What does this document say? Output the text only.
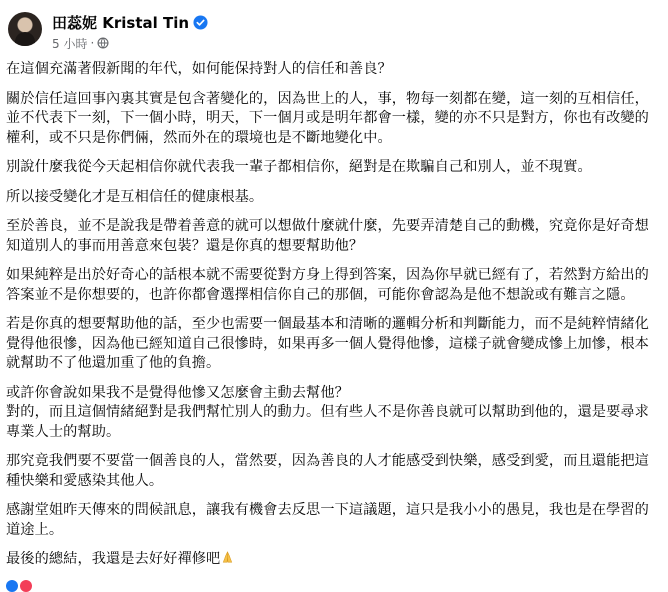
田蕊妮 Kristal Tin
5 小時 ·

在這個充滿著假新聞的年代，如何能保持對人的信任和善良？

關於信任這回事內裏其實是包含著變化的，因為世上的人，事，物每一刻都在變，這一刻的互相信任，並不代表下一刻，下一個小時，明天，下一個月或是明年都會一樣，變的亦不只是對方，你也有改變的權利，或不只是你們倆，然而外在的環境也是不斷地變化中。

別說什麼我從今天起相信你就代表我一輩子都相信你，絕對是在欺騙自己和別人，並不現實。

所以接受變化才是互相信任的健康根基。

至於善良，並不是說我是帶着善意的就可以想做什麼就什麼，先要弄清楚自己的動機，究竟你是好奇想知道別人的事而用善意來包裝？還是你真的想要幫助他？

如果純粹是出於好奇心的話根本就不需要從對方身上得到答案，因為你早就已經有了，若然對方給出的答案並不是你想要的，也許你都會選擇相信你自己的那個，可能你會認為是他不想說或有難言之隱。

若是你真的想要幫助他的話，至少也需要一個最基本和清晰的邏輯分析和判斷能力，而不是純粹情緒化覺得他很慘，因為他已經知道自己很慘時，如果再多一個人覺得他慘，這樣子就會變成慘上加慘，根本就幫助不了他還加重了他的負擔。

或許你會說如果我不是覺得他慘又怎麼會主動去幫他？

對的，而且這個情緒絕對是我們幫忙別人的動力。但有些人不是你善良就可以幫助到他的，還是要尋求專業人士的幫助。

那究竟我們要不要當一個善良的人，當然要，因為善良的人才能感受到快樂，感受到愛，而且還能把這種快樂和愛感染其他人。

感謝堂姐昨天傳來的問候訊息，讓我有機會去反思一下這議題，這只是我小小的愚見，我也是在學習的道途上。

最後的總結，我還是去好好禪修吧
